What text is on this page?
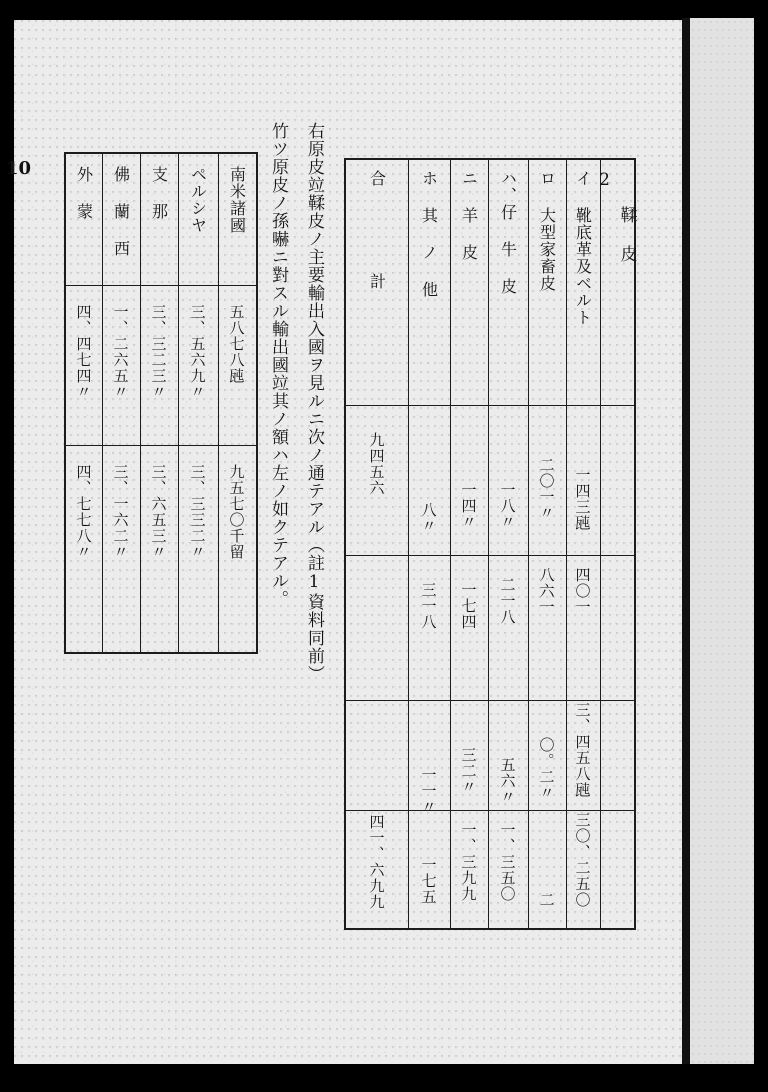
10
2
鞣 皮
イ 靴底革及ベルト
一四三瓲
四〇一
三、四五八瓲
三〇、二五〇
ロ 大型家畜皮
二〇一〃
八六一
〇。二〃
二
ハ、仔 牛 皮
一八〃
二一八
五六〃
一、三五〇
ニ 羊 皮
一四〃
一七四
三二〃
一、三九九
ホ 其 ノ 他
八〃
三一八
一一〃
一七五
合 計
九四五六
四一、六九九
右原皮竝鞣皮ノ主要輸出入國ヲ見ルニ次ノ通テアル（註1資料同前）
竹ツ原皮ノ孫嚇ニ對スル輸出國竝其ノ額ハ左ノ如クテアル。
南米諸國
五八七八瓲
九五七〇千留
ペルシヤ
三、五六九〃
三、三三二〃
支 那
三、三二三〃
三、六五三〃
佛 蘭 西
一、二六五〃
三、一六二〃
外 蒙
四、四七四〃
四、七七八〃
